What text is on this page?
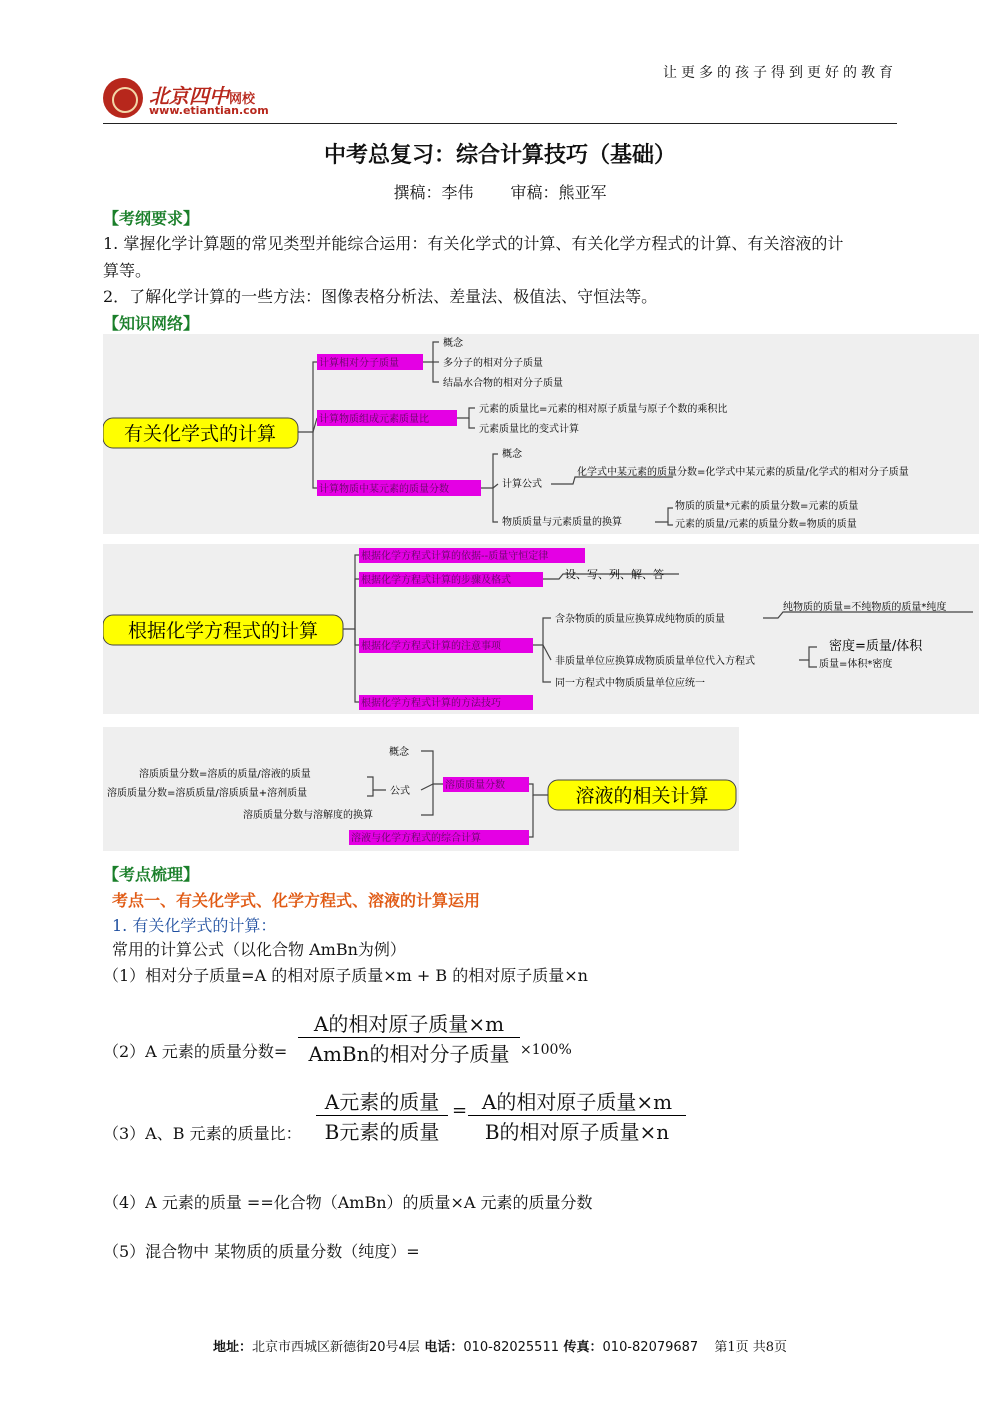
让更多的孩子得到更好的教育
北京四中网校
www.etiantian.com
中考总复习：综合计算技巧（基础）
撰稿：李伟 审稿：熊亚军
【考纲要求】
1. 掌握化学计算题的常见类型并能综合运用：有关化学式的计算、有关化学方程式的计算、有关溶液的计
算等。
2．了解化学计算的一些方法：图像表格分析法、差量法、极值法、守恒法等。
【知识网络】
有关化学式的计算
计算相对分子质量
计算物质组成元素质量比
计算物质中某元素的质量分数
概念
多分子的相对分子质量
结晶水合物的相对分子质量
元素的质量比=元素的相对原子质量与原子个数的乘积比
元素质量比的变式计算
概念
计算公式
物质质量与元素质量的换算
化学式中某元素的质量分数=化学式中某元素的质量/化学式的相对分子质量
物质的质量*元素的质量分数=元素的质量
元素的质量/元素的质量分数=物质的质量
根据化学方程式的计算
根据化学方程式计算的依据--质量守恒定律
根据化学方程式计算的步骤及格式
根据化学方程式计算的注意事项
根据化学方程式计算的方法技巧
设、写、列、解、答
含杂物质的质量应换算成纯物质的质量
非质量单位应换算成物质质量单位代入方程式
同一方程式中物质质量单位应统一
纯物质的质量=不纯物质的质量*纯度
密度=质量/体积
质量=体积*密度
溶液的相关计算
溶质质量分数
溶液与化学方程式的综合计算
概念
公式
溶质质量分数与溶解度的换算
溶质质量分数=溶质的质量/溶液的质量
溶质质量分数=溶质质量/溶质质量+溶剂质量
【考点梳理】
考点一、有关化学式、化学方程式、溶液的计算运用
1. 有关化学式的计算：
常用的计算公式（以化合物 AmBn为例）
（1）相对分子质量=A 的相对原子质量×m + B 的相对原子质量×n
（2）A 元素的质量分数=
A的相对原子质量×m
AmBn的相对分子质量 ×100%
（3）A、B 元素的质量比：
A元素的质量
B元素的质量
= A的相对原子质量×m
B的相对原子质量×n
（4）A 元素的质量 ==化合物（AmBn）的质量×A 元素的质量分数
（5）混合物中 某物质的质量分数（纯度）=
地址：北京市西城区新德街20号4层 电话：010-82025511 传真：010-82079687 第1页 共8页
